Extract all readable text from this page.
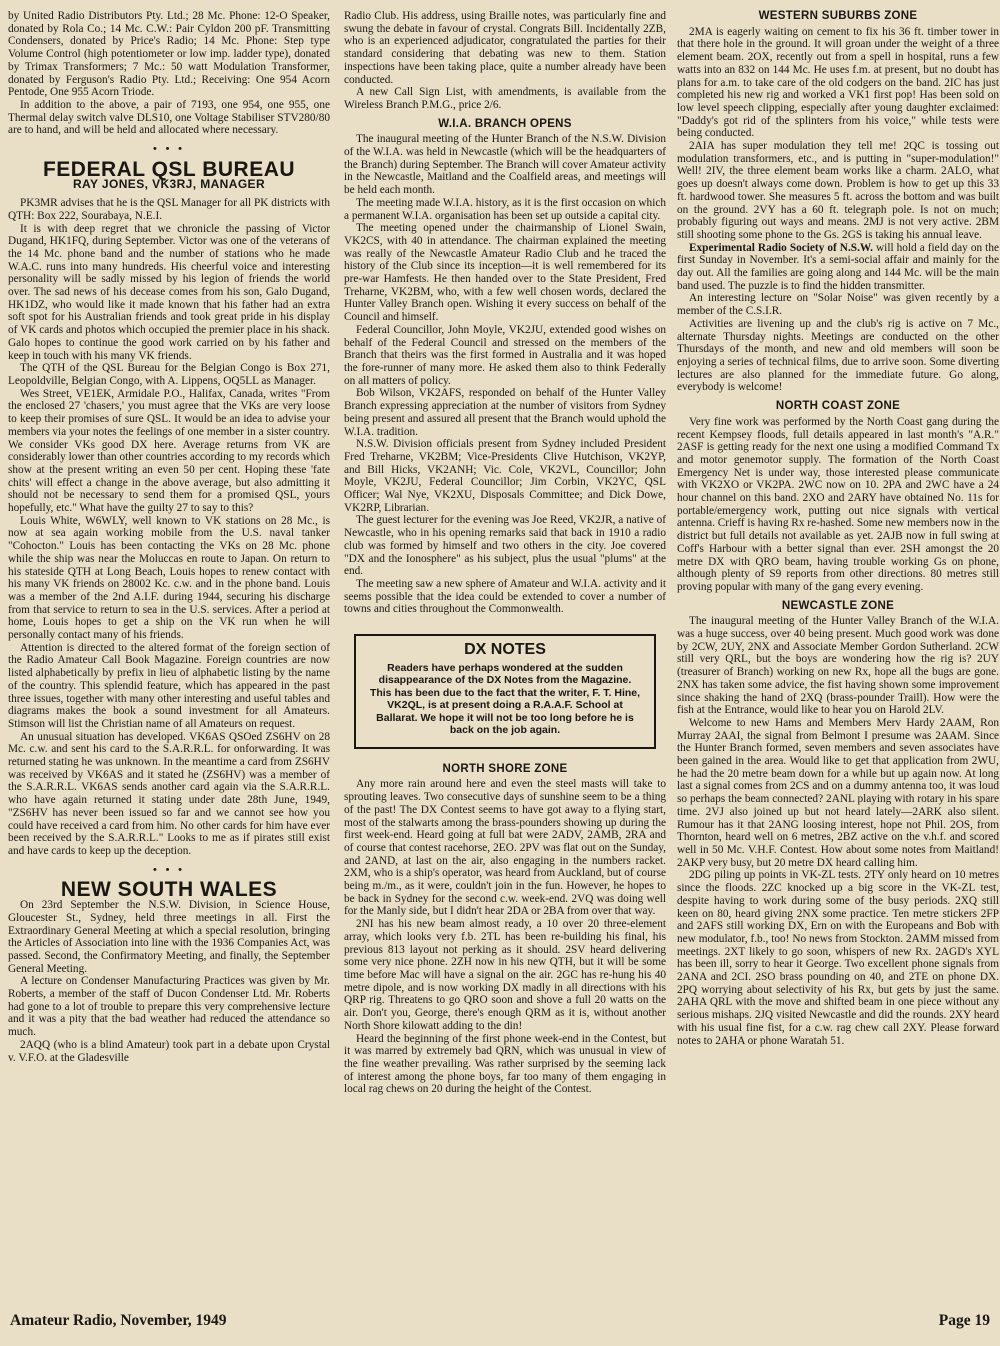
by United Radio Distributors Pty. Ltd.; 28 Mc. Phone: 12-O Speaker, donated by Rola Co.; 14 Mc. C.W.: Pair Cyldon 200 pF. Transmitting Condensers, donated by Price's Radio; 14 Mc. Phone: Step type Volume Control (high potentiometer or low imp. ladder type), donated by Trimax Transformers; 7 Mc.: 50 watt Modulation Transformer, donated by Ferguson's Radio Pty. Ltd.; Receiving: One 954 Acorn Pentode, One 955 Acorn Triode.

In addition to the above, a pair of 7193, one 954, one 955, one Thermal delay switch valve DLS10, one Voltage Stabiliser STV280/80 are to hand, and will be held and allocated where necessary.

• • •
FEDERAL QSL BUREAU
RAY JONES, VK3RJ, MANAGER

PK3MR advises that he is the QSL Manager for all PK districts with QTH: Box 222, Sourabaya, N.E.I.

It is with deep regret that we chronicle the passing of Victor Dugand, HK1FQ, during September. Victor was one of the veterans of the 14 Mc. phone band and the number of stations who he made W.A.C. runs into many hundreds. His cheerful voice and interesting personality will be sadly missed by his legion of friends the world over. The sad news of his decease comes from his son, Galo Dugand, HK1DZ, who would like it made known that his father had an extra soft spot for his Australian friends and took great pride in his display of VK cards and photos which occupied the premier place in his shack. Galo hopes to continue the good work carried on by his father and keep in touch with his many VK friends.

The QTH of the QSL Bureau for the Belgian Congo is Box 271, Leopoldville, Belgian Congo, with A. Lippens, OQ5LL as Manager.

Wes Street, VE1EK, Armidale P.O., Halifax, Canada, writes "From the enclosed 27 'chasers,' you must agree that the VKs are very loose to keep their promises of sure QSL. It would be an idea to advise your members via your notes the feelings of one member in a sister country. We consider VKs good DX here. Average returns from VK are considerably lower than other countries according to my records which show at the present writing an even 50 per cent. Hoping these 'fate chits' will effect a change in the above average, but also admitting it should not be necessary to send them for a promised QSL, yours hopefully, etc." What have the guilty 27 to say to this?

Louis White, W6WLY, well known to VK stations on 28 Mc., is now at sea again working mobile from the U.S. naval tanker "Cohocton." Louis has been contacting the VKs on 28 Mc. phone while the ship was near the Moluccas en route to Japan. On return to his stateside QTH at Long Beach, Louis hopes to renew contact with his many VK friends on 28002 Kc. c.w. and in the phone band. Louis was a member of the 2nd A.I.F. during 1944, securing his discharge from that service to return to sea in the U.S. services. After a period at home, Louis hopes to get a ship on the VK run when he will personally contact many of his friends.

Attention is directed to the altered format of the foreign section of the Radio Amateur Call Book Magazine. Foreign countries are now listed alphabetically by prefix in lieu of alphabetic listing by the name of the country. This splendid feature, which has appeared in the past three issues, together with many other interesting and useful tables and diagrams makes the book a sound investment for all Amateurs. Stimson will list the Christian name of all Amateurs on request.

An unusual situation has developed. VK6AS QSOed ZS6HV on 28 Mc. c.w. and sent his card to the S.A.R.R.L. for onforwarding. It was returned stating he was unknown. In the meantime a card from ZS6HV was received by VK6AS and it stated he (ZS6HV) was a member of the S.A.R.R.L. VK6AS sends another card again via the S.A.R.R.L. who have again returned it stating under date 28th June, 1949, "ZS6HV has never been issued so far and we cannot see how you could have received a card from him. No other cards for him have ever been received by the S.A.R.R.L." Looks to me as if pirates still exist and have cards to keep up the deception.

• • •
NEW SOUTH WALES

On 23rd September the N.S.W. Division, in Science House, Gloucester St., Sydney, held three meetings in all. First the Extraordinary General Meeting at which a special resolution, bringing the Articles of Association into line with the 1936 Companies Act, was passed. Second, the Confirmatory Meeting, and finally, the September General Meeting.

A lecture on Condenser Manufacturing Practices was given by Mr. Roberts, a member of the staff of Ducon Condenser Ltd. Mr. Roberts had gone to a lot of trouble to prepare this very comprehensive lecture and it was a pity that the bad weather had reduced the attendance so much.

2AQQ (who is a blind Amateur) took part in a debate upon Crystal v. V.F.O. at the Gladesville

Radio Club. His address, using Braille notes, was particularly fine and swung the debate in favour of crystal. Congrats Bill. Incidentally 2ZB, who is an experienced adjudicator, congratulated the parties for their standard considering that debating was new to them. Station inspections have been taking place, quite a number already have been conducted.

A new Call Sign List, with amendments, is available from the Wireless Branch P.M.G., price 2/6.

W.I.A. BRANCH OPENS

The inaugural meeting of the Hunter Branch of the N.S.W. Division of the W.I.A. was held in Newcastle (which will be the headquarters of the Branch) during September. The Branch will cover Amateur activity in the Newcastle, Maitland and the Coalfield areas, and meetings will be held each month.

The meeting made W.I.A. history, as it is the first occasion on which a permanent W.I.A. organisation has been set up outside a capital city.

The meeting opened under the chairmanship of Lionel Swain, VK2CS, with 40 in attendance. The chairman explained the meeting was really of the Newcastle Amateur Radio Club and he traced the history of the Club since its inception—it is well remembered for its pre-war Hamfests. He then handed over to the State President, Fred Treharne, VK2BM, who, with a few well chosen words, declared the Hunter Valley Branch open. Wishing it every success on behalf of the Council and himself.

Federal Councillor, John Moyle, VK2JU, extended good wishes on behalf of the Federal Council and stressed on the members of the Branch that theirs was the first formed in Australia and it was hoped the fore-runner of many more. He asked them also to think Federally on all matters of policy.

Bob Wilson, VK2AFS, responded on behalf of the Hunter Valley Branch expressing appreciation at the number of visitors from Sydney being present and assured all present that the Branch would uphold the W.I.A. tradition.

N.S.W. Division officials present from Sydney included President Fred Treharne, VK2BM; Vice-Presidents Clive Hutchison, VK2YP, and Bill Hicks, VK2ANH; Vic. Cole, VK2VL, Councillor; John Moyle, VK2JU, Federal Councillor; Jim Corbin, VK2YC, QSL Officer; Wal Nye, VK2XU, Disposals Committee; and Dick Dowe, VK2RP, Librarian.

The guest lecturer for the evening was Joe Reed, VK2JR, a native of Newcastle, who in his opening remarks said that back in 1910 a radio club was formed by himself and two others in the city. Joe covered "DX and the Ionosphere" as his subject, plus the usual "plums" at the end.

The meeting saw a new sphere of Amateur and W.I.A. activity and it seems possible that the idea could be extended to cover a number of towns and cities throughout the Commonwealth.

DX NOTES
Readers have perhaps wondered at the sudden disappearance of the DX Notes from the Magazine. This has been due to the fact that the writer, F. T. Hine, VK2QL, is at present doing a R.A.A.F. School at Ballarat. We hope it will not be too long before he is back on the job again.
NORTH SHORE ZONE

Any more rain around here and even the steel masts will take to sprouting leaves. Two consecutive days of sunshine seem to be a thing of the past! The DX Contest seems to have got away to a flying start, most of the stalwarts among the brass-pounders showing up during the first week-end. Heard going at full bat were 2ADV, 2AMB, 2RA and of course that contest racehorse, 2EO. 2PV was flat out on the Sunday, and 2AND, at last on the air, also engaging in the numbers racket. 2XM, who is a ship's operator, was heard from Auckland, but of course being m./m., as it were, couldn't join in the fun. However, he hopes to be back in Sydney for the second c.w. week-end. 2VQ was doing well for the Manly side, but I didn't hear 2DA or 2BA from over that way.

2NI has his new beam almost ready, a 10 over 20 three-element array, which looks very f.b. 2TL has been re-building his final, his previous 813 layout not perking as it should. 2SV heard delivering some very nice phone. 2ZH now in his new QTH, but it will be some time before Mac will have a signal on the air. 2GC has re-hung his 40 metre dipole, and is now working DX madly in all directions with his QRP rig. Threatens to go QRO soon and shove a full 20 watts on the air. Don't you, George, there's enough QRM as it is, without another North Shore kilowatt adding to the din!

Heard the beginning of the first phone week-end in the Contest, but it was marred by extremely bad QRN, which was unusual in view of the fine weather prevailing. Was rather surprised by the seeming lack of interest among the phone boys, far too many of them engaging in local rag chews on 20 during the height of the Contest.

WESTERN SUBURBS ZONE

2MA is eagerly waiting on cement to fix his 36 ft. timber tower in that there hole in the ground. It will groan under the weight of a three element beam. 2OX, recently out from a spell in hospital, runs a few watts into an 832 on 144 Mc. He uses f.m. at present, but no doubt has plans for a.m. to take care of the old codgers on the band. 2IC has just completed his new rig and worked a VK1 first pop! Has been sold on low level speech clipping, especially after young daughter exclaimed: "Daddy's got rid of the splinters from his voice," while tests were being conducted.

2AIA has super modulation they tell me! 2QC is tossing out modulation transformers, etc., and is putting in "super-modulation!" Well! 2IV, the three element beam works like a charm. 2ALO, what goes up doesn't always come down. Problem is how to get up this 33 ft. hardwood tower. She measures 5 ft. across the bottom and was built on the ground. 2VY has a 60 ft. telegraph pole. Is not on much; probably figuring out ways and means. 2MJ is not very active. 2BM still shooting some phone to the Gs. 2GS is taking his annual leave.

Experimental Radio Society of N.S.W. will hold a field day on the first Sunday in November. It's a semi-social affair and mainly for the day out. All the families are going along and 144 Mc. will be the main band used. The puzzle is to find the hidden transmitter.

An interesting lecture on "Solar Noise" was given recently by a member of the C.S.I.R.

Activities are livening up and the club's rig is active on 7 Mc., alternate Thursday nights. Meetings are conducted on the other Thursdays of the month, and new and old members will soon be enjoying a series of technical films, due to arrive soon. Some diverting lectures are also planned for the immediate future. Go along, everybody is welcome!

NORTH COAST ZONE

Very fine work was performed by the North Coast gang during the recent Kempsey floods, full details appeared in last month's "A.R." 2ASF is getting ready for the next one using a modified Command Tx and motor genemotor supply. The formation of the North Coast Emergency Net is under way, those interested please communicate with VK2XO or VK2PA. 2WC now on 10. 2PA and 2WC have a 24 hour channel on this band. 2XO and 2ARY have obtained No. 11s for portable/emergency work, putting out nice signals with vertical antenna. Crieff is having Rx re-hashed. Some new members now in the district but full details not available as yet. 2AJB now in full swing at Coff's Harbour with a better signal than ever. 2SH amongst the 20 metre DX with QRO beam, having trouble working Gs on phone, although plenty of S9 reports from other directions. 80 metres still proving popular with many of the gang every evening.

NEWCASTLE ZONE

The inaugural meeting of the Hunter Valley Branch of the W.I.A. was a huge success, over 40 being present. Much good work was done by 2CW, 2UY, 2NX and Associate Member Gordon Sutherland. 2CW still very QRL, but the boys are wondering how the rig is? 2UY (treasurer of Branch) working on new Rx, hope all the bugs are gone. 2NX has taken some advice, the fist having shown some improvement since shaking the hand of 2XQ (brass-pounder Traill). How were the fish at the Entrance, would like to hear you on Harold 2LV.

Welcome to new Hams and Members Merv Hardy 2AAM, Ron Murray 2AAI, the signal from Belmont I presume was 2AAM. Since the Hunter Branch formed, seven members and seven associates have been gained in the area. Would like to get that application from 2WU, he had the 20 metre beam down for a while but up again now. At long last a signal comes from 2CS and on a dummy antenna too, it was loud so perhaps the beam connected? 2ANL playing with rotary in his spare time. 2VJ also joined up but not heard lately—2ARK also silent. Rumour has it that 2ANG loosing interest, hope not Phil. 2OS, from Thornton, heard well on 6 metres, 2BZ active on the v.h.f. and scored well in 50 Mc. V.H.F. Contest. How about some notes from Maitland! 2AKP very busy, but 20 metre DX heard calling him.

2DG piling up points in VK-ZL tests. 2TY only heard on 10 metres since the floods. 2ZC knocked up a big score in the VK-ZL test, despite having to work during some of the busy periods. 2XQ still keen on 80, heard giving 2NX some practice. Ten metre stickers 2FP and 2AFS still working DX, Ern on with the Europeans and Bob with new modulator, f.b., too! No news from Stockton. 2AMM missed from meetings. 2XT likely to go soon, whispers of new Rx. 2AGD's XYL has been ill, sorry to hear it George. Two excellent phone signals from 2ANA and 2CI. 2SO brass pounding on 40, and 2TE on phone DX. 2PQ worrying about selectivity of his Rx, but gets by just the same. 2AHA QRL with the move and shifted beam in one piece without any serious mishaps. 2JQ visited Newcastle and did the rounds. 2XY heard with his usual fine fist, for a c.w. rag chew call 2XY. Please forward notes to 2AHA or phone Waratah 51.

Amateur Radio, November, 1949	Page 19
